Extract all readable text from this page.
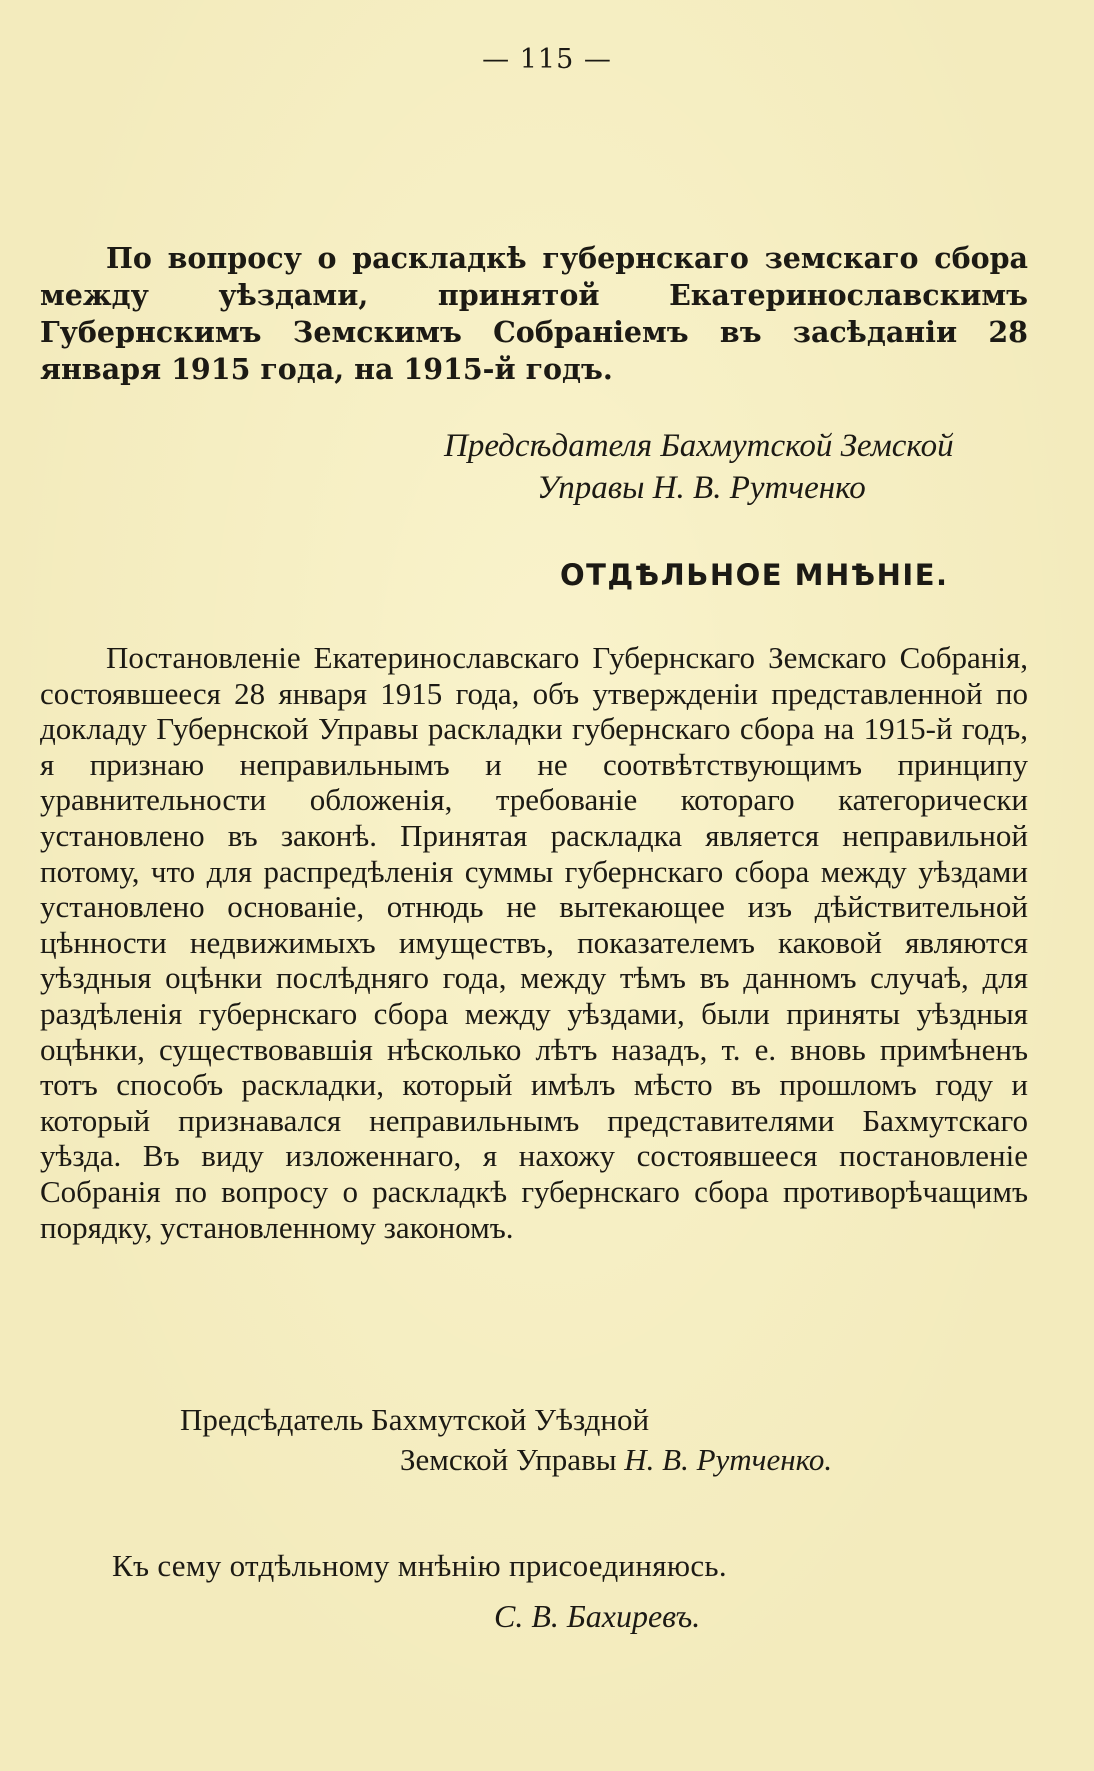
— 115 —

По вопросу о раскладкѣ губернскаго земскаго сбора между уѣздами, принятой Екатеринославскимъ Губернскимъ Земскимъ Собраніемъ въ засѣданіи 28 января 1915 года, на 1915-й годъ.

Предсѣдателя Бахмутской Земской
Управы Н. В. Рутченко
ОТДѢЛЬНОЕ МНѢНІЕ.

Постановленіе Екатеринославскаго Губернскаго Земскаго Собранія, состоявшееся 28 января 1915 года, объ утвержденіи представленной по докладу Губернской Управы раскладки губернскаго сбора на 1915-й годъ, я признаю неправильнымъ и не соотвѣтствующимъ принципу уравнительности обложенія, требованіе котораго категорически установлено въ законѣ. Принятая раскладка является неправильной потому, что для распредѣленія суммы губернскаго сбора между уѣздами установлено основаніе, отнюдь не вытекающее изъ дѣйствительной цѣнности недвижимыхъ имуществъ, показателемъ каковой являются уѣздныя оцѣнки послѣдняго года, между тѣмъ въ данномъ случаѣ, для раздѣленія губернскаго сбора между уѣздами, были приняты уѣздныя оцѣнки, существовавшія нѣсколько лѣтъ назадъ, т. е. вновь примѣненъ тотъ способъ раскладки, который имѣлъ мѣсто въ прошломъ году и который признавался неправильнымъ представителями Бахмутскаго уѣзда. Въ виду изложеннаго, я нахожу состоявшееся постановленіе Собранія по вопросу о раскладкѣ губернскаго сбора противорѣчащимъ порядку, установленному закономъ.

Предсѣдатель Бахмутской Уѣздной
Земской Управы Н. В. Рутченко.
Къ сему отдѣльному мнѣнію присоединяюсь.
С. В. Бахиревъ.
